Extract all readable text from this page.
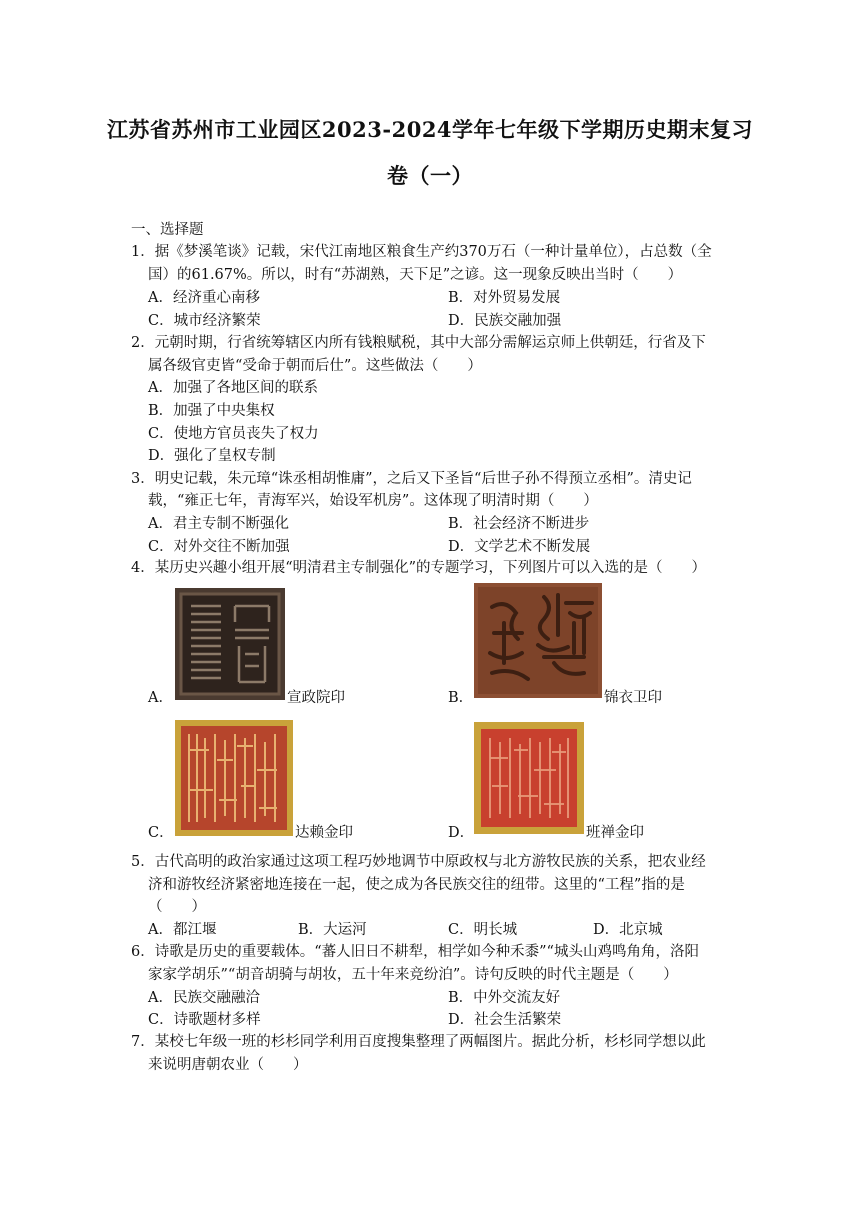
江苏省苏州市工业园区2023-2024学年七年级下学期历史期末复习
卷（一）
一、选择题
1．据《梦溪笔谈》记载，宋代江南地区粮食生产约370万石（一种计量单位），占总数（全
国）的61.67%。所以，时有“苏湖熟，天下足”之谚。这一现象反映出当时（　　）
A．经济重心南移	B．对外贸易发展
C．城市经济繁荣	D．民族交融加强
2．元朝时期，行省统筹辖区内所有钱粮赋税，其中大部分需解运京师上供朝廷，行省及下
属各级官吏皆“受命于朝而后仕”。这些做法（　　）
A．加强了各地区间的联系
B．加强了中央集权
C．使地方官员丧失了权力
D．强化了皇权专制
3．明史记载，朱元璋“诛丞相胡惟庸”，之后又下圣旨“后世子孙不得预立丞相”。清史记
载，“雍正七年，青海军兴，始设军机房”。这体现了明清时期（　　）
A．君主专制不断强化	B．社会经济不断进步
C．对外交往不断加强	D．文学艺术不断发展
4．某历史兴趣小组开展“明清君主专制强化”的专题学习，下列图片可以入选的是（　　）
A．	宣政院印	B．	锦衣卫印
C．	达赖金印	D．	班禅金印
5．古代高明的政治家通过这项工程巧妙地调节中原政权与北方游牧民族的关系，把农业经
济和游牧经济紧密地连接在一起，使之成为各民族交往的纽带。这里的“工程”指的是
（　　）
A．都江堰	B．大运河	C．明长城	D．北京城
6．诗歌是历史的重要载体。“蕃人旧日不耕犁，相学如今种禾黍”“城头山鸡鸣角角，洛阳
家家学胡乐”“胡音胡骑与胡妆，五十年来竞纷泊”。诗句反映的时代主题是（　　）
A．民族交融融洽	B．中外交流友好
C．诗歌题材多样	D．社会生活繁荣
7．某校七年级一班的杉杉同学利用百度搜集整理了两幅图片。据此分析，杉杉同学想以此
来说明唐朝农业（　　）
